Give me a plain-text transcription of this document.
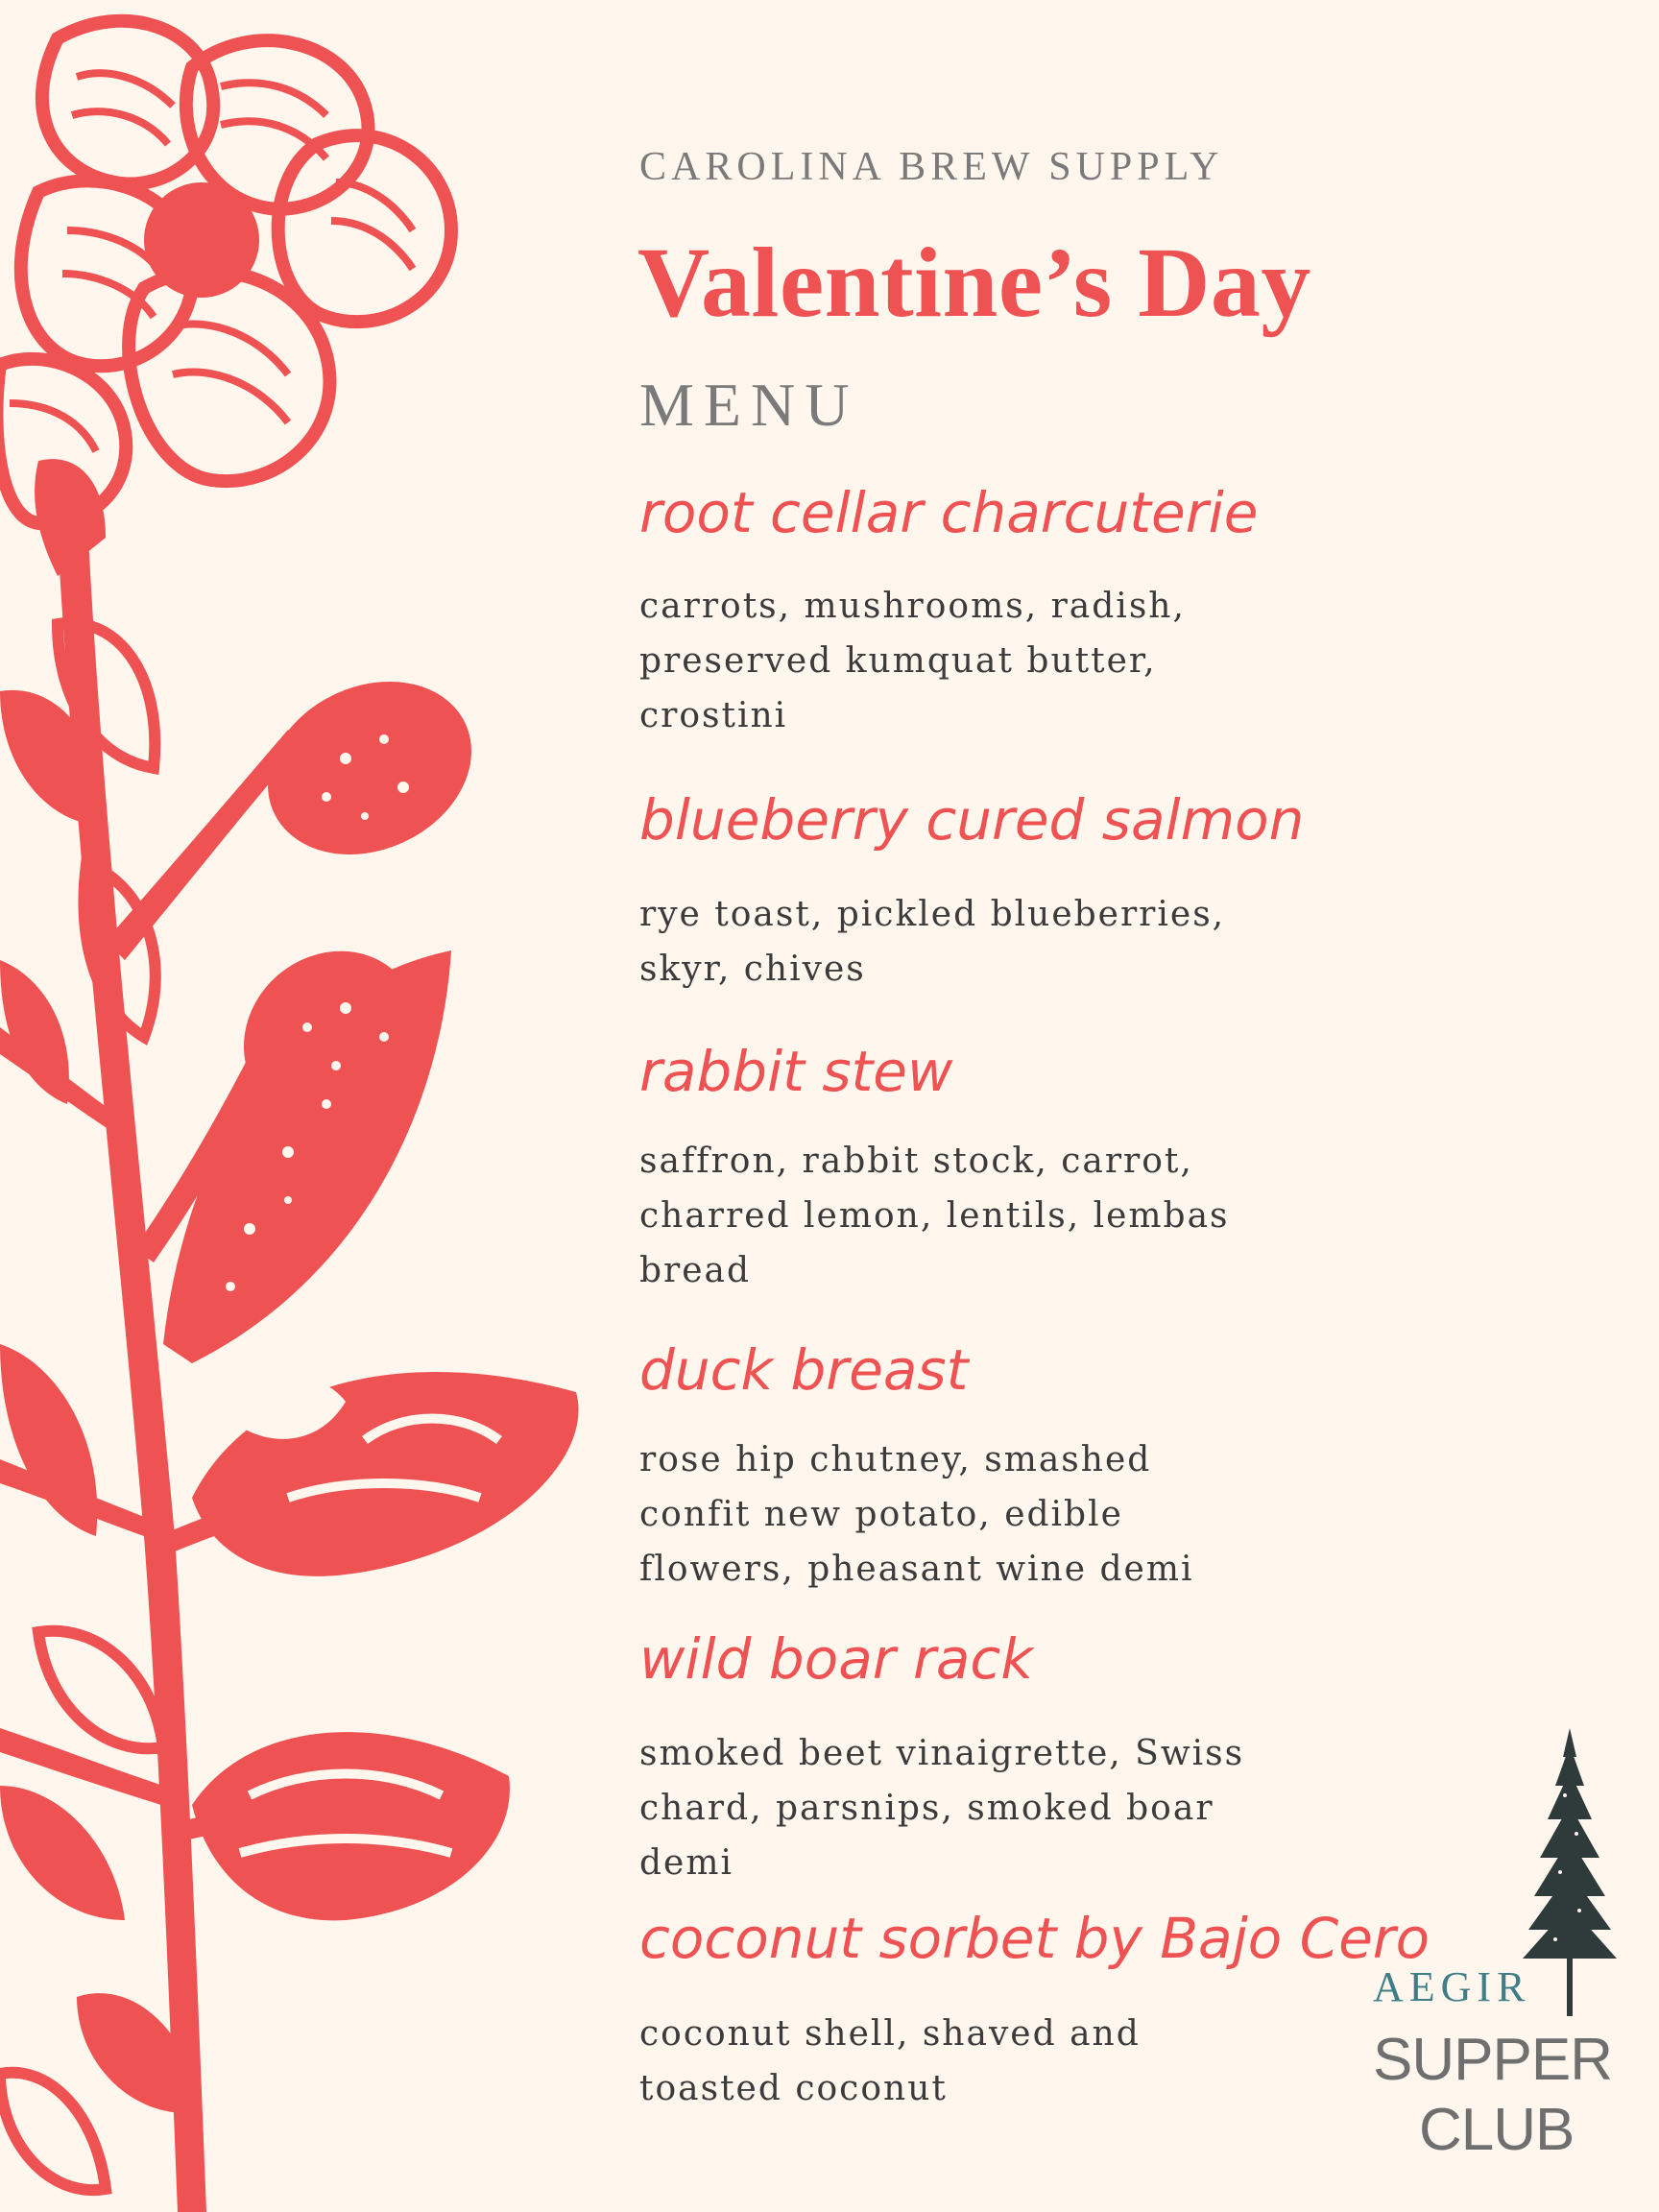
CAROLINA BREW SUPPLY
Valentine’s Day
MENU
root cellar charcuterie
carrots, mushrooms, radish, preserved kumquat butter, crostini
blueberry cured salmon
rye toast, pickled blueberries, skyr, chives
rabbit stew
saffron, rabbit stock, carrot, charred lemon, lentils, lembas bread
duck breast
rose hip chutney, smashed confit new potato, edible flowers, pheasant wine demi
wild boar rack
smoked beet vinaigrette, Swiss chard, parsnips, smoked boar demi
coconut sorbet by Bajo Cero
coconut shell, shaved and toasted coconut
AEGIR
SUPPER
CLUB
